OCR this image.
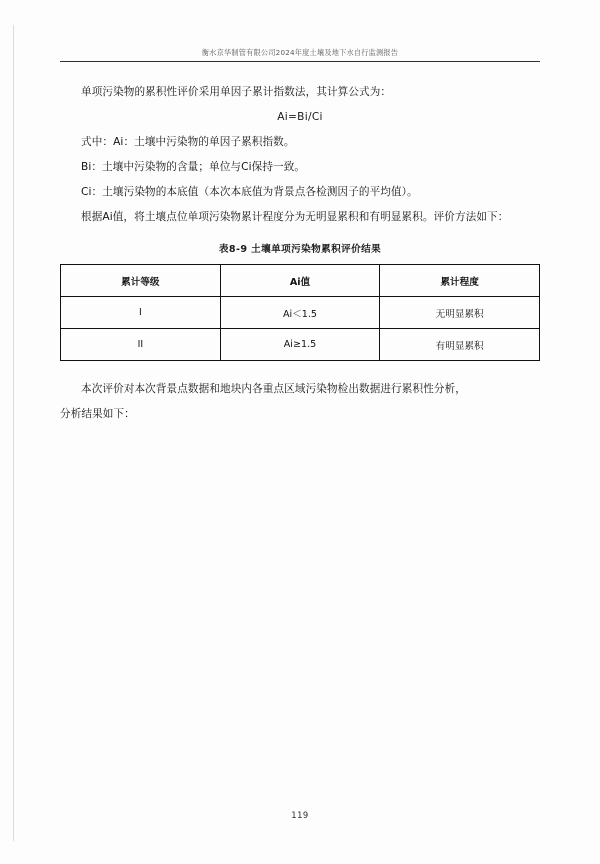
衡水京华制管有限公司2024年度土壤及地下水自行监测报告

单项污染物的累积性评价采用单因子累计指数法，其计算公式为：

Ai=Bi/Ci

式中：Ai：土壤中污染物的单因子累积指数。

Bi：土壤中污染物的含量；单位与Ci保持一致。

Ci：土壤污染物的本底值（本次本底值为背景点各检测因子的平均值）。

根据Ai值，将土壤点位单项污染物累计程度分为无明显累积和有明显累积。评价方法如下：

表8-9 土壤单项污染物累积评价结果
累计等级	Ai值	累计程度
I	Ai＜1.5	无明显累积
II	Ai≥1.5	有明显累积

本次评价对本次背景点数据和地块内各重点区域污染物检出数据进行累积性分析，

分析结果如下：

119
